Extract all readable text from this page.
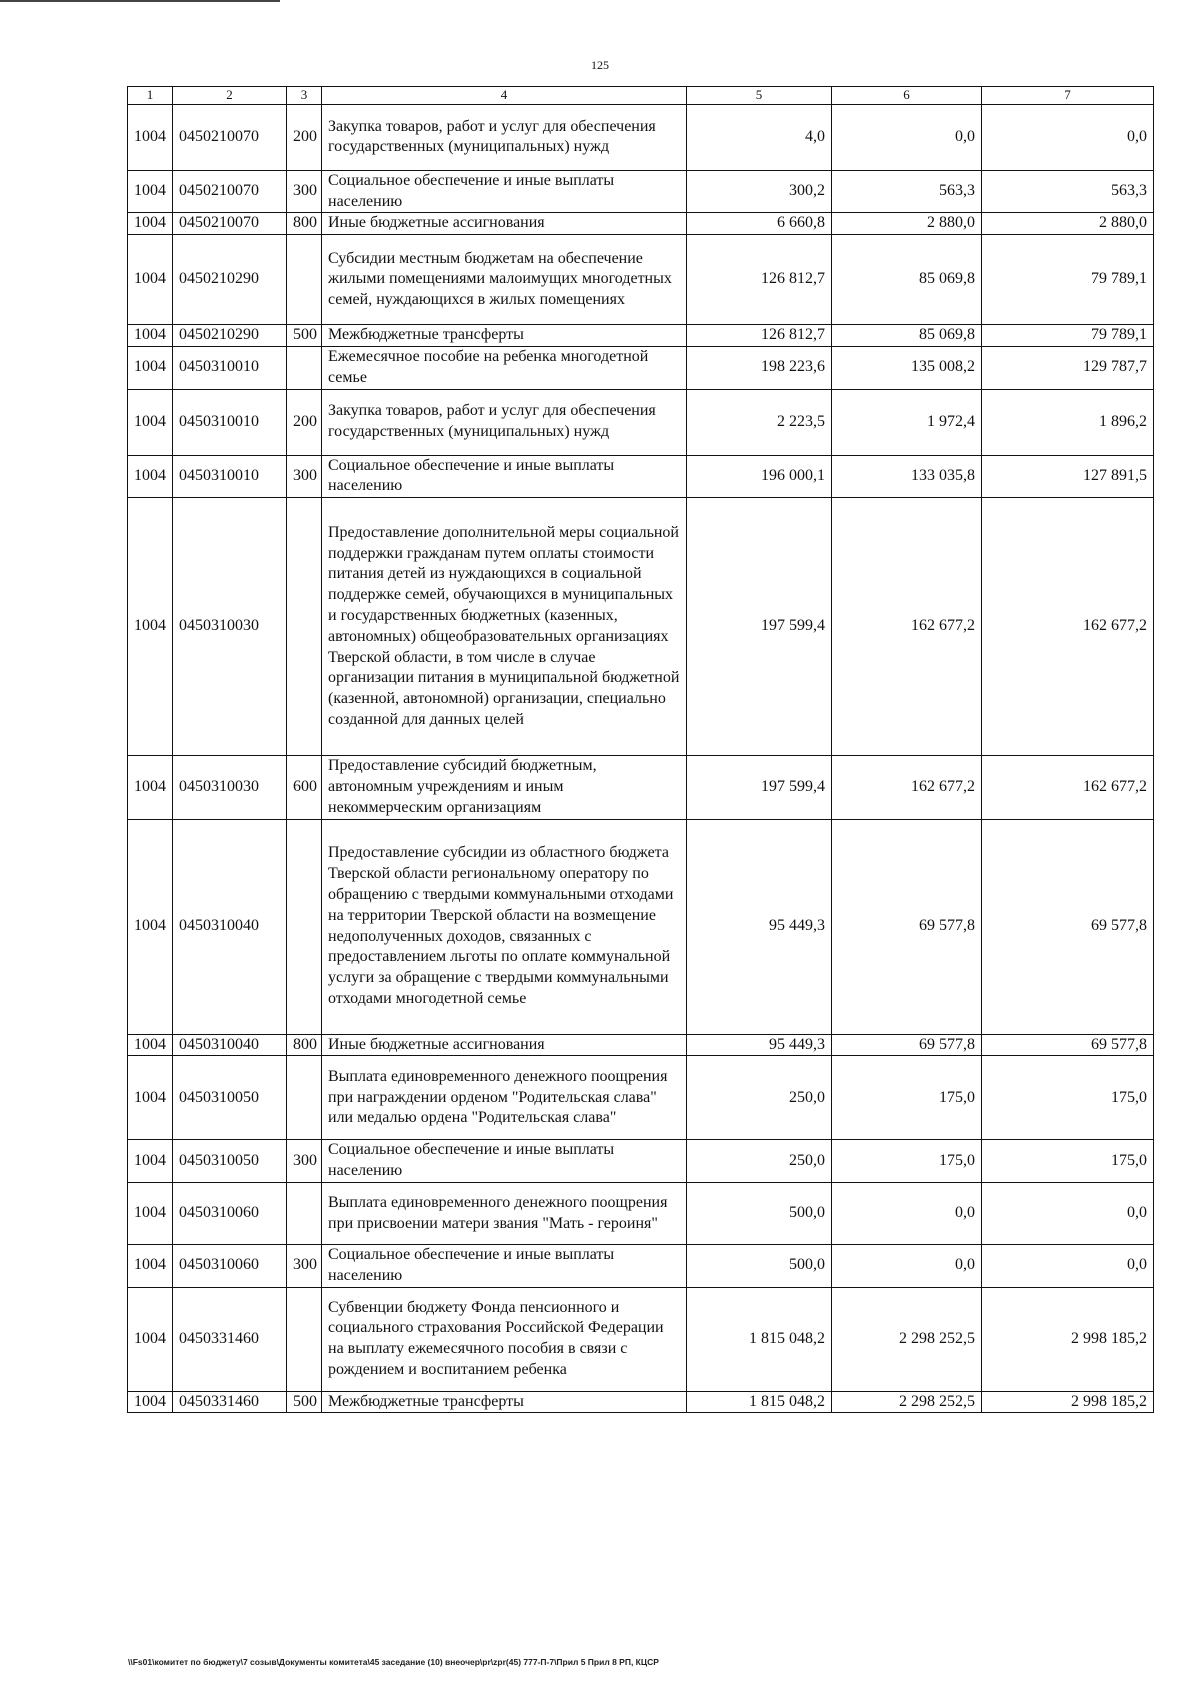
125
1	2	3	4	5	6	7
1004	0450210070	200	Закупка товаров, работ и услуг для обеспечения государственных (муниципальных) нужд	4,0	0,0	0,0
1004	0450210070	300	Социальное обеспечение и иные выплаты населению	300,2	563,3	563,3
1004	0450210070	800	Иные бюджетные ассигнования	6 660,8	2 880,0	2 880,0
1004	0450210290		Субсидии местным бюджетам на обеспечение жилыми помещениями малоимущих многодетных семей, нуждающихся в жилых помещениях	126 812,7	85 069,8	79 789,1
1004	0450210290	500	Межбюджетные трансферты	126 812,7	85 069,8	79 789,1
1004	0450310010		Ежемесячное пособие на ребенка многодетной семье	198 223,6	135 008,2	129 787,7
1004	0450310010	200	Закупка товаров, работ и услуг для обеспечения государственных (муниципальных) нужд	2 223,5	1 972,4	1 896,2
1004	0450310010	300	Социальное обеспечение и иные выплаты населению	196 000,1	133 035,8	127 891,5
1004	0450310030		Предоставление дополнительной меры социальной поддержки гражданам путем оплаты стоимости питания детей из нуждающихся в социальной поддержке семей, обучающихся в муниципальных и государственных бюджетных (казенных, автономных) общеобразовательных организациях Тверской области, в том числе в случае организации питания в муниципальной бюджетной (казенной, автономной) организации, специально созданной для данных целей	197 599,4	162 677,2	162 677,2
1004	0450310030	600	Предоставление субсидий бюджетным, автономным учреждениям и иным некоммерческим организациям	197 599,4	162 677,2	162 677,2
1004	0450310040		Предоставление субсидии из областного бюджета Тверской области региональному оператору по обращению с твердыми коммунальными отходами на территории Тверской области на возмещение недополученных доходов, связанных с предоставлением льготы по оплате коммунальной услуги за обращение с твердыми коммунальными отходами многодетной семье	95 449,3	69 577,8	69 577,8
1004	0450310040	800	Иные бюджетные ассигнования	95 449,3	69 577,8	69 577,8
1004	0450310050		Выплата единовременного денежного поощрения при награждении орденом "Родительская слава" или медалью ордена "Родительская слава"	250,0	175,0	175,0
1004	0450310050	300	Социальное обеспечение и иные выплаты населению	250,0	175,0	175,0
1004	0450310060		Выплата единовременного денежного поощрения при присвоении матери звания "Мать - героиня"	500,0	0,0	0,0
1004	0450310060	300	Социальное обеспечение и иные выплаты населению	500,0	0,0	0,0
1004	0450331460		Субвенции бюджету Фонда пенсионного и социального страхования Российской Федерации на выплату ежемесячного пособия в связи с рождением и воспитанием ребенка	1 815 048,2	2 298 252,5	2 998 185,2
1004	0450331460	500	Межбюджетные трансферты	1 815 048,2	2 298 252,5	2 998 185,2
\\Fs01\комитет по бюджету\7 созыв\Документы комитета\45 заседание (10) внеочер\pr\zpr(45) 777-П-7\Прил 5 Прил 8 РП, КЦСР
